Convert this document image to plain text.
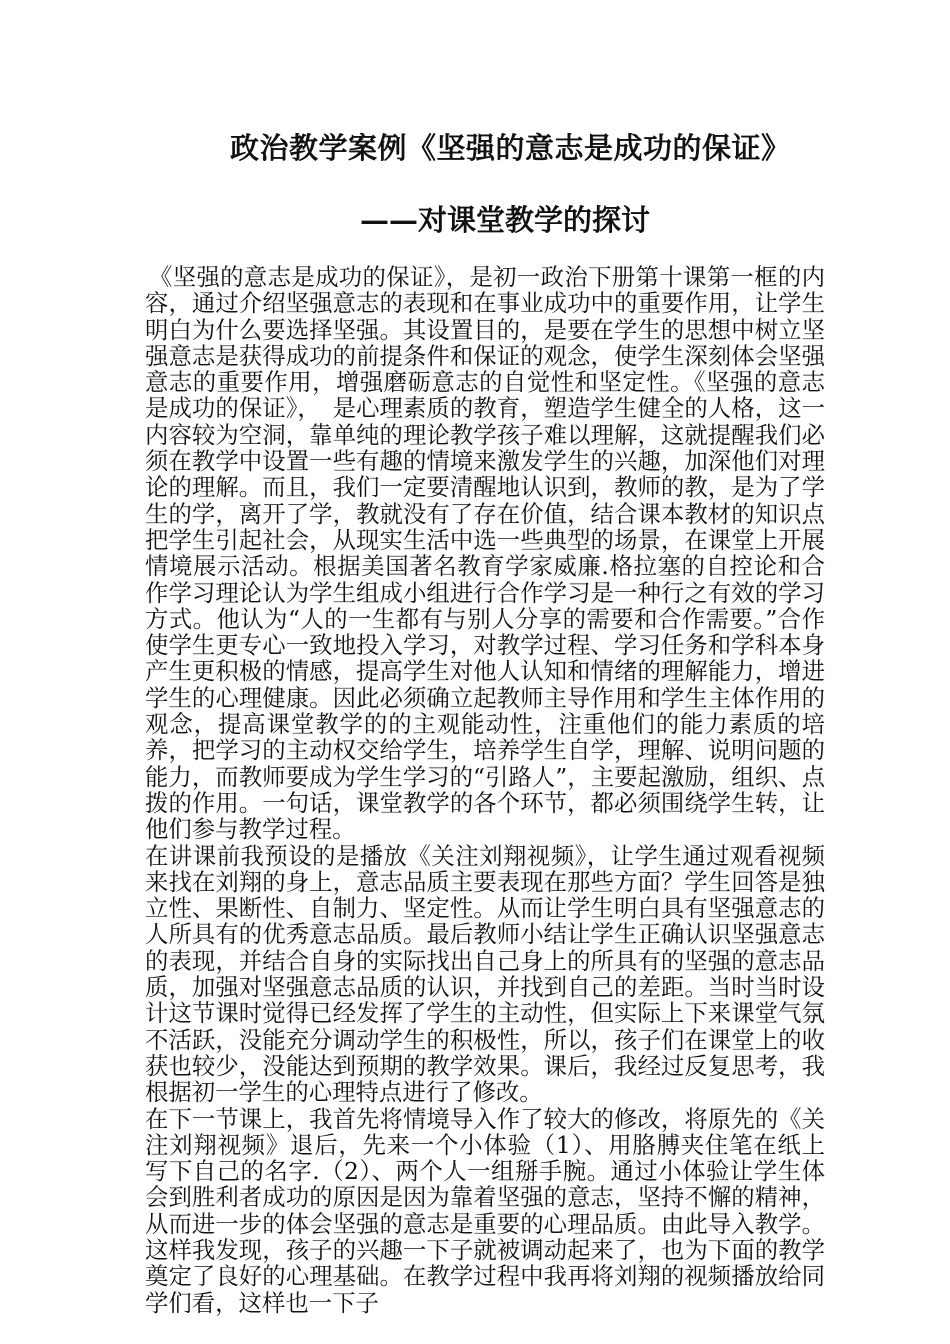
政治教学案例《坚强的意志是成功的保证》
——对课堂教学的探讨

《坚强的意志是成功的保证》，是初一政治下册第十课第一框的内容，通过介绍坚强意志的表现和在事业成功中的重要作用，让学生明白为什么要选择坚强。其设置目的，是要在学生的思想中树立坚强意志是获得成功的前提条件和保证的观念，使学生深刻体会坚强意志的重要作用，增强磨砺意志的自觉性和坚定性。《坚强的意志是成功的保证》，　是心理素质的教育，塑造学生健全的人格，这一内容较为空洞，靠单纯的理论教学孩子难以理解，这就提醒我们必须在教学中设置一些有趣的情境来激发学生的兴趣，加深他们对理论的理解。而且，我们一定要清醒地认识到，教师的教，是为了学生的学，离开了学，教就没有了存在价值，结合课本教材的知识点把学生引起社会，从现实生活中选一些典型的场景，在课堂上开展情境展示活动。根据美国著名教育学家威廉.格拉塞的自控论和合作学习理论认为学生组成小组进行合作学习是一种行之有效的学习方式。他认为“人的一生都有与别人分享的需要和合作需要。”合作使学生更专心一致地投入学习，对教学过程、学习任务和学科本身产生更积极的情感，提高学生对他人认知和情绪的理解能力，增进学生的心理健康。因此必须确立起教师主导作用和学生主体作用的观念，提高课堂教学的的主观能动性，注重他们的能力素质的培养，把学习的主动权交给学生，培养学生自学，理解、说明问题的能力，而教师要成为学生学习的“引路人”，主要起激励，组织、点拨的作用。一句话，课堂教学的各个环节，都必须围绕学生转，让他们参与教学过程。

在讲课前我预设的是播放《关注刘翔视频》，让学生通过观看视频来找在刘翔的身上，意志品质主要表现在那些方面？学生回答是独立性、果断性、自制力、坚定性。从而让学生明白具有坚强意志的人所具有的优秀意志品质。最后教师小结让学生正确认识坚强意志的表现，并结合自身的实际找出自己身上的所具有的坚强的意志品质，加强对坚强意志品质的认识，并找到自己的差距。当时当时设计这节课时觉得已经发挥了学生的主动性，但实际上下来课堂气氛不活跃，没能充分调动学生的积极性，所以，孩子们在课堂上的收获也较少，没能达到预期的教学效果。课后，我经过反复思考，我根据初一学生的心理特点进行了修改。

在下一节课上，我首先将情境导入作了较大的修改，将原先的《关注刘翔视频》退后，先来一个小体验（1）、用胳膊夹住笔在纸上写下自己的名字.（2）、两个人一组掰手腕。通过小体验让学生体会到胜利者成功的原因是因为靠着坚强的意志，坚持不懈的精神，从而进一步的体会坚强的意志是重要的心理品质。由此导入教学。这样我发现，孩子的兴趣一下子就被调动起来了，也为下面的教学奠定了良好的心理基础。在教学过程中我再将刘翔的视频播放给同学们看，这样也一下子
